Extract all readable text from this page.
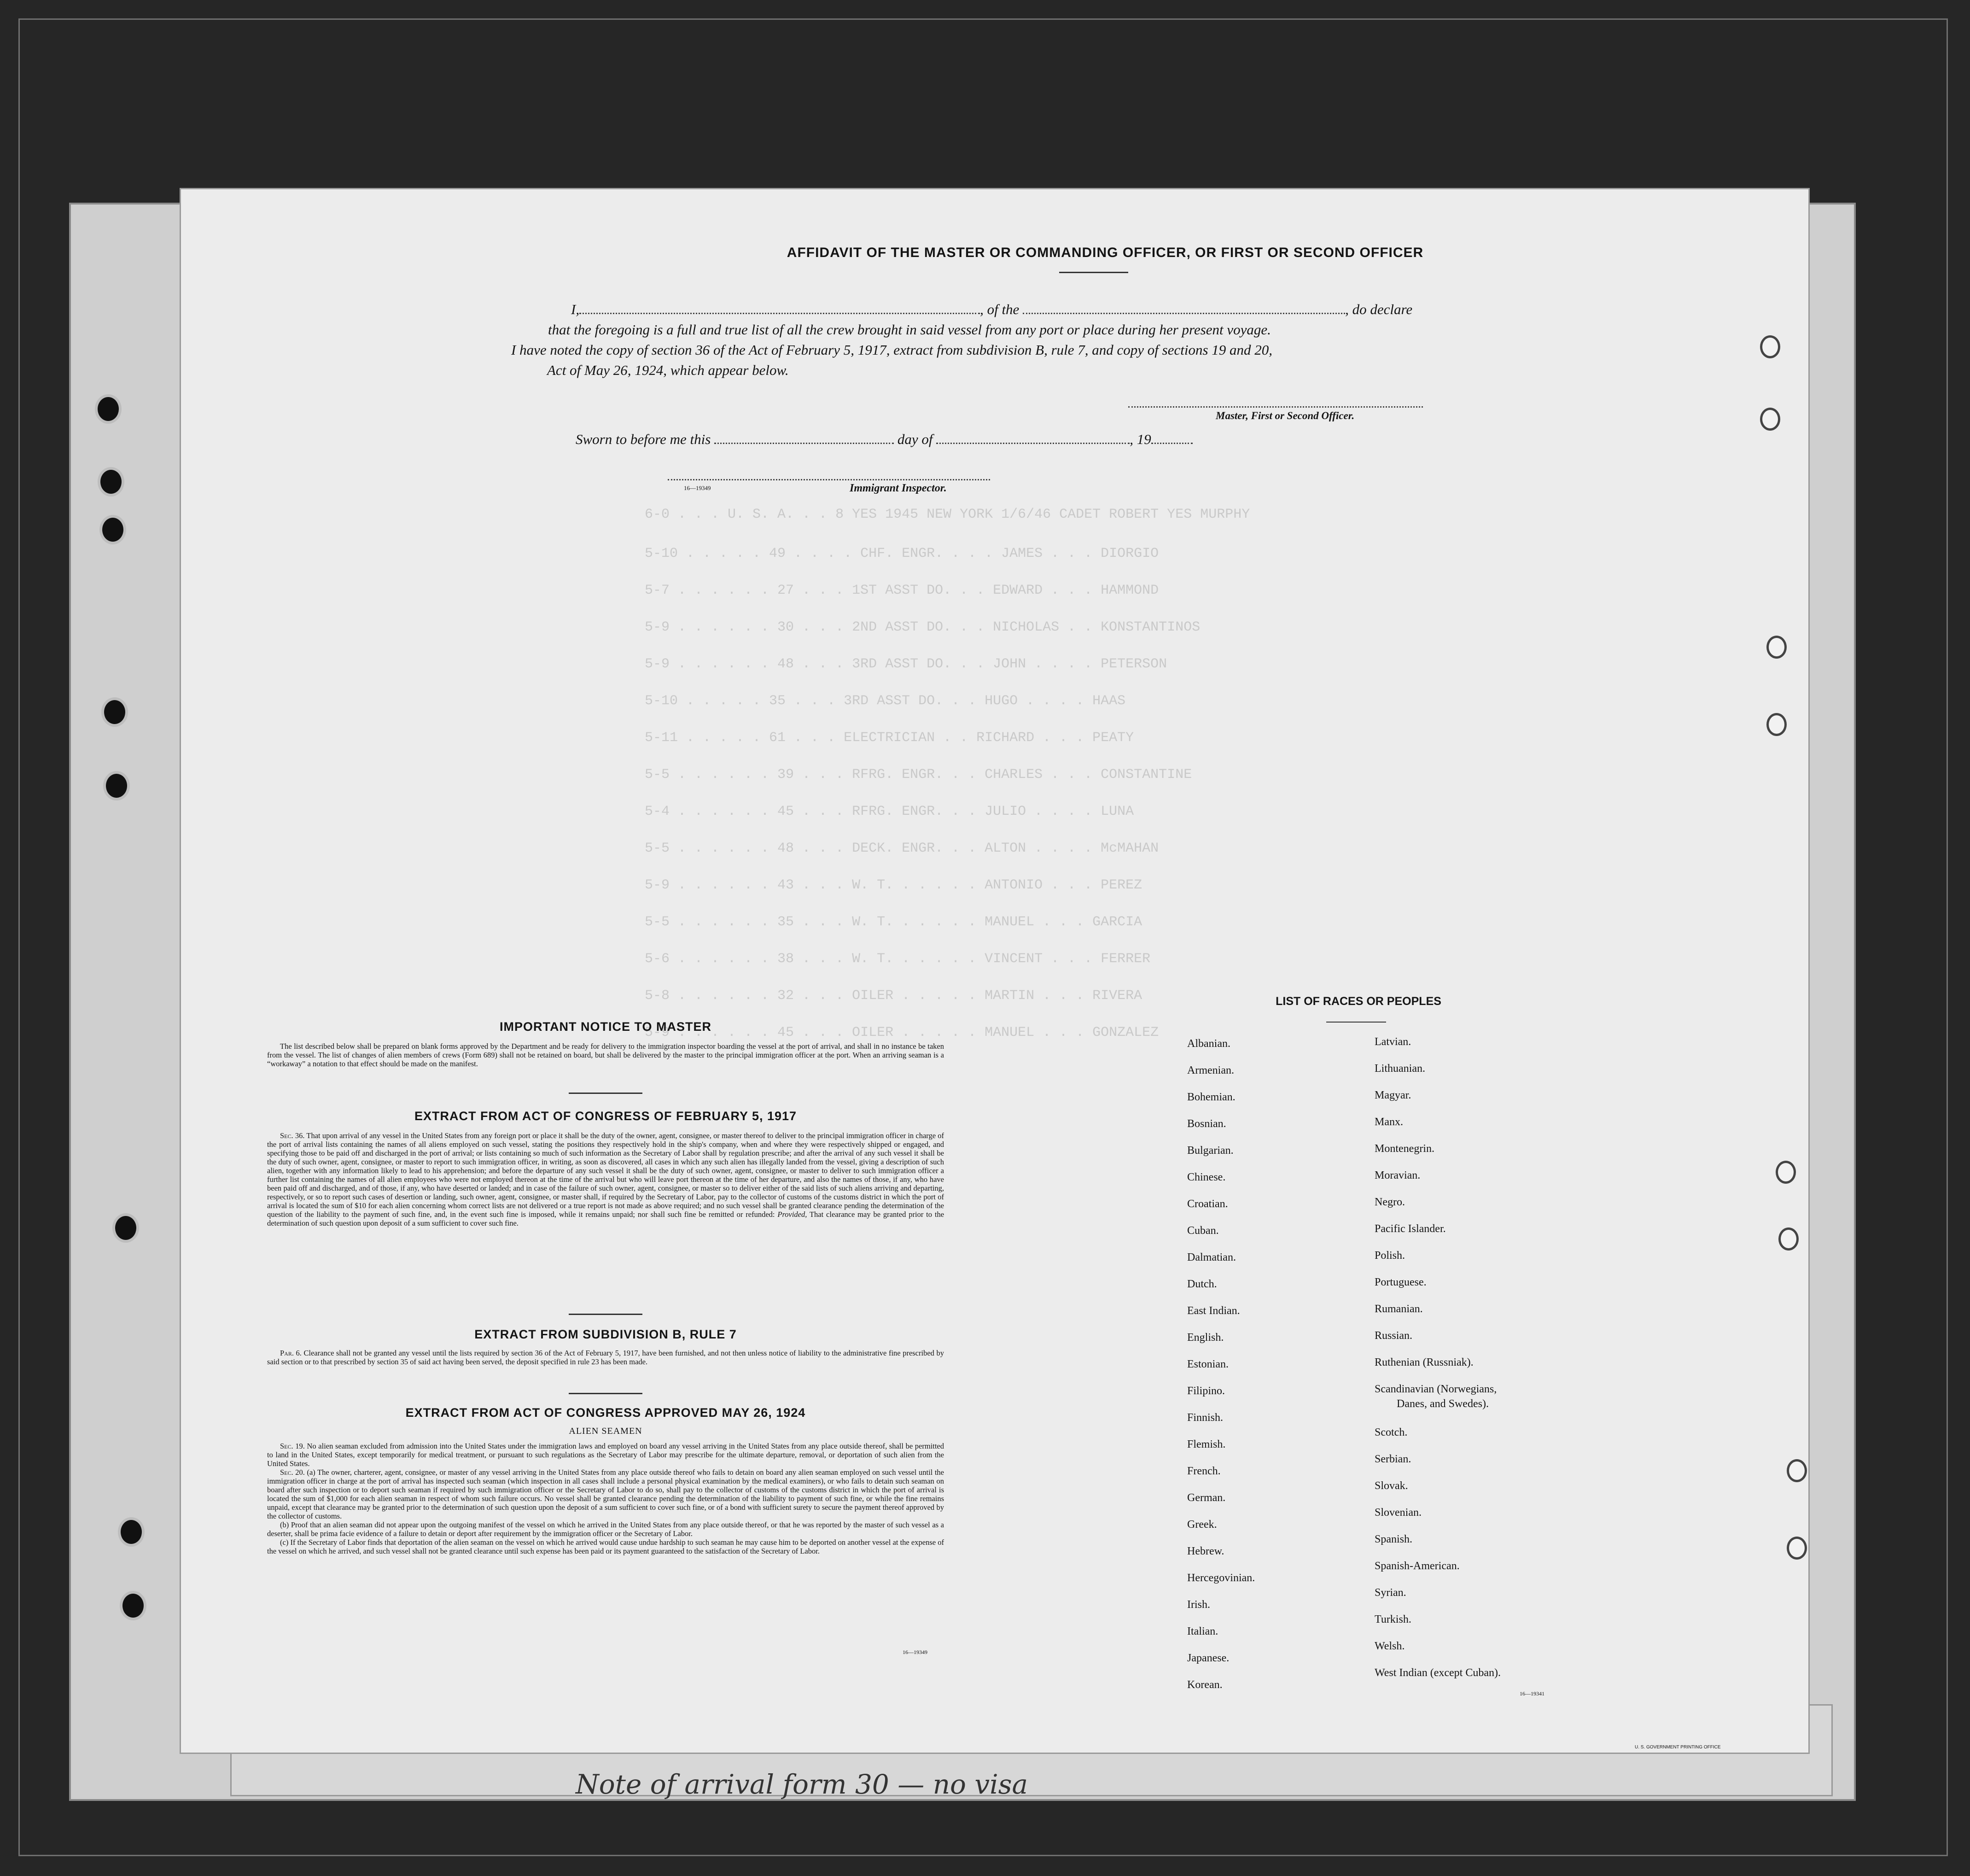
Note of arrival form 30 — no visa
6-0 . . . U. S. A. . . 8 YES 1945 NEW YORK 1/6/46 CADET ROBERT YES MURPHY
5-10 . . . . . 49 . . . . CHF. ENGR. . . . JAMES . . . DIORGIO
5-7 . . . . . . 27 . . . 1ST ASST DO. . . EDWARD . . . HAMMOND
5-9 . . . . . . 30 . . . 2ND ASST DO. . . NICHOLAS . . KONSTANTINOS
5-9 . . . . . . 48 . . . 3RD ASST DO. . . JOHN . . . . PETERSON
5-10 . . . . . 35 . . . 3RD ASST DO. . . HUGO . . . . HAAS
5-11 . . . . . 61 . . . ELECTRICIAN . . RICHARD . . . PEATY
5-5 . . . . . . 39 . . . RFRG. ENGR. . . CHARLES . . . CONSTANTINE
5-4 . . . . . . 45 . . . RFRG. ENGR. . . JULIO . . . . LUNA
5-5 . . . . . . 48 . . . DECK. ENGR. . . ALTON . . . . McMAHAN
5-9 . . . . . . 43 . . . W. T. . . . . . ANTONIO . . . PEREZ
5-5 . . . . . . 35 . . . W. T. . . . . . MANUEL . . . GARCIA
5-6 . . . . . . 38 . . . W. T. . . . . . VINCENT . . . FERRER
5-8 . . . . . . 32 . . . OILER . . . . . MARTIN . . . RIVERA
5-9 . . . . . . 45 . . . OILER . . . . . MANUEL . . . GONZALEZ
AFFIDAVIT OF THE MASTER OR COMMANDING OFFICER, OR FIRST OR SECOND OFFICER
I,	, of the	, do declare
that the foregoing is a full and true list of all the crew brought in said vessel from any port or place during her present voyage.
I have noted the copy of section 36 of the Act of February 5, 1917, extract from subdivision B, rule 7, and copy of sections 19 and 20,
Act of May 26, 1924, which appear below.
Master, First or Second Officer.
Sworn to before me this	day of	, 19
16—19349	Immigrant Inspector.
IMPORTANT NOTICE TO MASTER

The list described below shall be prepared on blank forms approved by the Department and be ready for delivery to the immigration inspector boarding the vessel at the port of arrival, and shall in no instance be taken from the vessel. The list of changes of alien members of crews (Form 689) shall not be retained on board, but shall be delivered by the master to the principal immigration officer at the port. When an arriving seaman is a “workaway” a notation to that effect should be made on the manifest.

EXTRACT FROM ACT OF CONGRESS OF FEBRUARY 5, 1917

Sec. 36. That upon arrival of any vessel in the United States from any foreign port or place it shall be the duty of the owner, agent, consignee, or master thereof to deliver to the principal immigration officer in charge of the port of arrival lists containing the names of all aliens employed on such vessel, stating the positions they respectively hold in the ship's company, when and where they were respectively shipped or engaged, and specifying those to be paid off and discharged in the port of arrival; or lists containing so much of such information as the Secretary of Labor shall by regulation prescribe; and after the arrival of any such vessel it shall be the duty of such owner, agent, consignee, or master to report to such immigration officer, in writing, as soon as discovered, all cases in which any such alien has illegally landed from the vessel, giving a description of such alien, together with any information likely to lead to his apprehension; and before the departure of any such vessel it shall be the duty of such owner, agent, consignee, or master to deliver to such immigration officer a further list containing the names of all alien employees who were not employed thereon at the time of the arrival but who will leave port thereon at the time of her departure, and also the names of those, if any, who have been paid off and discharged, and of those, if any, who have deserted or landed; and in case of the failure of such owner, agent, consignee, or master so to deliver either of the said lists of such aliens arriving and departing, respectively, or so to report such cases of desertion or landing, such owner, agent, consignee, or master shall, if required by the Secretary of Labor, pay to the collector of customs of the customs district in which the port of arrival is located the sum of $10 for each alien concerning whom correct lists are not delivered or a true report is not made as above required; and no such vessel shall be granted clearance pending the determination of the question of the liability to the payment of such fine, and, in the event such fine is imposed, while it remains unpaid; nor shall such fine be remitted or refunded: Provided, That clearance may be granted prior to the determination of such question upon deposit of a sum sufficient to cover such fine.

EXTRACT FROM SUBDIVISION B, RULE 7

Par. 6. Clearance shall not be granted any vessel until the lists required by section 36 of the Act of February 5, 1917, have been furnished, and not then unless notice of liability to the administrative fine prescribed by said section or to that prescribed by section 35 of said act having been served, the deposit specified in rule 23 has been made.

EXTRACT FROM ACT OF CONGRESS APPROVED MAY 26, 1924
ALIEN SEAMEN

Sec. 19. No alien seaman excluded from admission into the United States under the immigration laws and employed on board any vessel arriving in the United States from any place outside thereof, shall be permitted to land in the United States, except temporarily for medical treatment, or pursuant to such regulations as the Secretary of Labor may prescribe for the ultimate departure, removal, or deportation of such alien from the United States.

Sec. 20. (a) The owner, charterer, agent, consignee, or master of any vessel arriving in the United States from any place outside thereof who fails to detain on board any alien seaman employed on such vessel until the immigration officer in charge at the port of arrival has inspected such seaman (which inspection in all cases shall include a personal physical examination by the medical examiners), or who fails to detain such seaman on board after such inspection or to deport such seaman if required by such immigration officer or the Secretary of Labor to do so, shall pay to the collector of customs of the customs district in which the port of arrival is located the sum of $1,000 for each alien seaman in respect of whom such failure occurs. No vessel shall be granted clearance pending the determination of the liability to payment of such fine, or while the fine remains unpaid, except that clearance may be granted prior to the determination of such question upon the deposit of a sum sufficient to cover such fine, or of a bond with sufficient surety to secure the payment thereof approved by the collector of customs.

(b) Proof that an alien seaman did not appear upon the outgoing manifest of the vessel on which he arrived in the United States from any place outside thereof, or that he was reported by the master of such vessel as a deserter, shall be prima facie evidence of a failure to detain or deport after requirement by the immigration officer or the Secretary of Labor.

(c) If the Secretary of Labor finds that deportation of the alien seaman on the vessel on which he arrived would cause undue hardship to such seaman he may cause him to be deported on another vessel at the expense of the vessel on which he arrived, and such vessel shall not be granted clearance until such expense has been paid or its payment guaranteed to the satisfaction of the Secretary of Labor.

16—19349
LIST OF RACES OR PEOPLES
Albanian.
Armenian.
Bohemian.
Bosnian.
Bulgarian.
Chinese.
Croatian.
Cuban.
Dalmatian.
Dutch.
East Indian.
English.
Estonian.
Filipino.
Finnish.
Flemish.
French.
German.
Greek.
Hebrew.
Hercegovinian.
Irish.
Italian.
Japanese.
Korean.
Latvian.
Lithuanian.
Magyar.
Manx.
Montenegrin.
Moravian.
Negro.
Pacific Islander.
Polish.
Portuguese.
Rumanian.
Russian.
Ruthenian (Russniak).
Scandinavian (Norwegians,
Danes, and Swedes).
Scotch.
Serbian.
Slovak.
Slovenian.
Spanish.
Spanish-American.
Syrian.
Turkish.
Welsh.
West Indian (except Cuban).
16—19341
U. S. GOVERNMENT PRINTING OFFICE
